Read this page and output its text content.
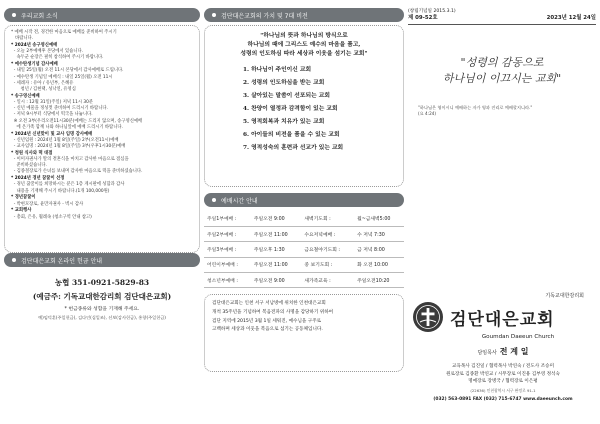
우리교회 소식
* 예배 시작 전, 경건한 마음으로 예배를 준비하여 주시기
바랍니다.
* 2024년 송구영신예배
- 오늘 2부예배후 본당에서 있습니다.
속두군 순장은 필히 참석하여 주시기 바랍니다.
* 예수탄생기념 감사예배
- 내일 25일(월) 오전 11시 본당에서 감사예배로 드립니다.
- 예수탄생 기념일 예배식 : 내일 25일(월) 오전 11시
- 세례자 : 유아 / 유년부, 은혜유
청년 / 김현택, 성낙연, 유영심
* 송구영신예배
- 일시 : 12월 31일(주일) 저녁 11시 30분
- 신년 예물을 정성껏 준비하여 드리시기 바랍니다.
- 저녁 9시부터 식당에서 떡국을 나눕니다.
※ 오전 3부(우리오전11시30분)예배는 드리지 않으며, 송구영신예배
에 온가족 함께 나와 하나님앞에 예배 드리시기 바랍니다.
* 2024년 신년맞이 및 교사 임명 감사예배
- 신년임원 : 2024년 1월 8일(주일) 2부(오전11시)예배
- 교사임명 : 2024년 1월 8일(주일) 3부(우후1시30분)예배
* 청원 식사와 떡 대접
- 이미자권사가 딸의 결혼식을 마치고 감사한 마음으로 점심을
준비하셨습니다.
- 김종철장로가 손녀를 보내며 감사한 마음으로 떡을 준비하셨습니다.
* 2024년 경년 꿈꿀이 선정
- 경년 꿈꿀이를 희망하시는 분은 1층 게시판에 성함과 감사
내용을 기재해 주시기 바랍니다.(1개 100,000원)
* 경년꿈꿀이
- 박현모장로, 윤만자권사 - 벽시 감사
* 교회행사
- 총회, 은유, 월례속 (청소구역 안내 참고)
검단대은교회 온라인 헌금 안내
농협 351-0921-5829-83
(예금주: 기독교대한감리회 검단대은교회)
* 헌금종류와 성함을 기재해 주세요.
예)임덕훈(주일헌금), 김다인(십일조), 선보(감사헌금), 홍향(주일헌금)
검단대은교회의 가치 및 7대 비전
"하나님의 뜻과 하나님의 방식으로
하나님의 때에 그리스도 예수의 마음을 품고,
성령의 인도하심 따라 세상과 이웃을 섬기는 교회"
1. 하나님이 주인이신 교회
2. 성령의 인도하심을 받는 교회
3. 살아있는 말씀이 선포되는 교회
4. 찬양이 열정과 감격함이 있는 교회
5. 영적회복과 치유가 있는 교회
6. 아이들의 비전을 품을 수 있는 교회
7. 영적성숙의 훈련과 선교가 있는 교회
예배시간 안내
주일1부예배 :	주일오전 9:00	새벽기도회 :	월~금새벽5:00
주일2부예배 :	주일오전 11:00	수요저녁예배 :	수 저녁 7:30
주일3부예배 :	주일오후 1:30	금요철야기도회 :	금 저녁 8:00
어린이부예배 :	주일오전 11:00	중 보기도회 :	화 오전 10:00
청소년부예배 :	주일오전 9:00	새가족교육 :	주일오전10:20
검단대은교회는 인천 서구 서남방에 위치한 인천대은교회
개척 35주년을 기념하여 복음전파의 사명을 감당하기 위하여
검단 지역에 2015년 3월 1일 세워진, 예수님을 구주로
고백하며 세상과 이웃을 복음으로 섬기는 공동체입니다.
(창립기념일 2015.3.1)
제 09-52호	2023년 12월 24일
"성령의 감동으로
하나님이 이끄시는 교회"
"하나님은 영이시니 예배하는 자가 영과 진리로 예배할지니라."
(요 4:24)
기독교대한감리회
검단대은교회
Goumdan Daeeun Church
담임목사 전 계 일
교육목사 김진일 / 협력목사 박연숙 / 전도사 조승미
원로장로 김종환 박연교 / 시무장로 이진용 김부영 정석숙
명예장로 장병국 / 협력장로 이은평
(22636) 인천광역시 서구 완정로 91-1
(032) 563-0891 FAX (032) 715-6747 www.daeeunch.com
